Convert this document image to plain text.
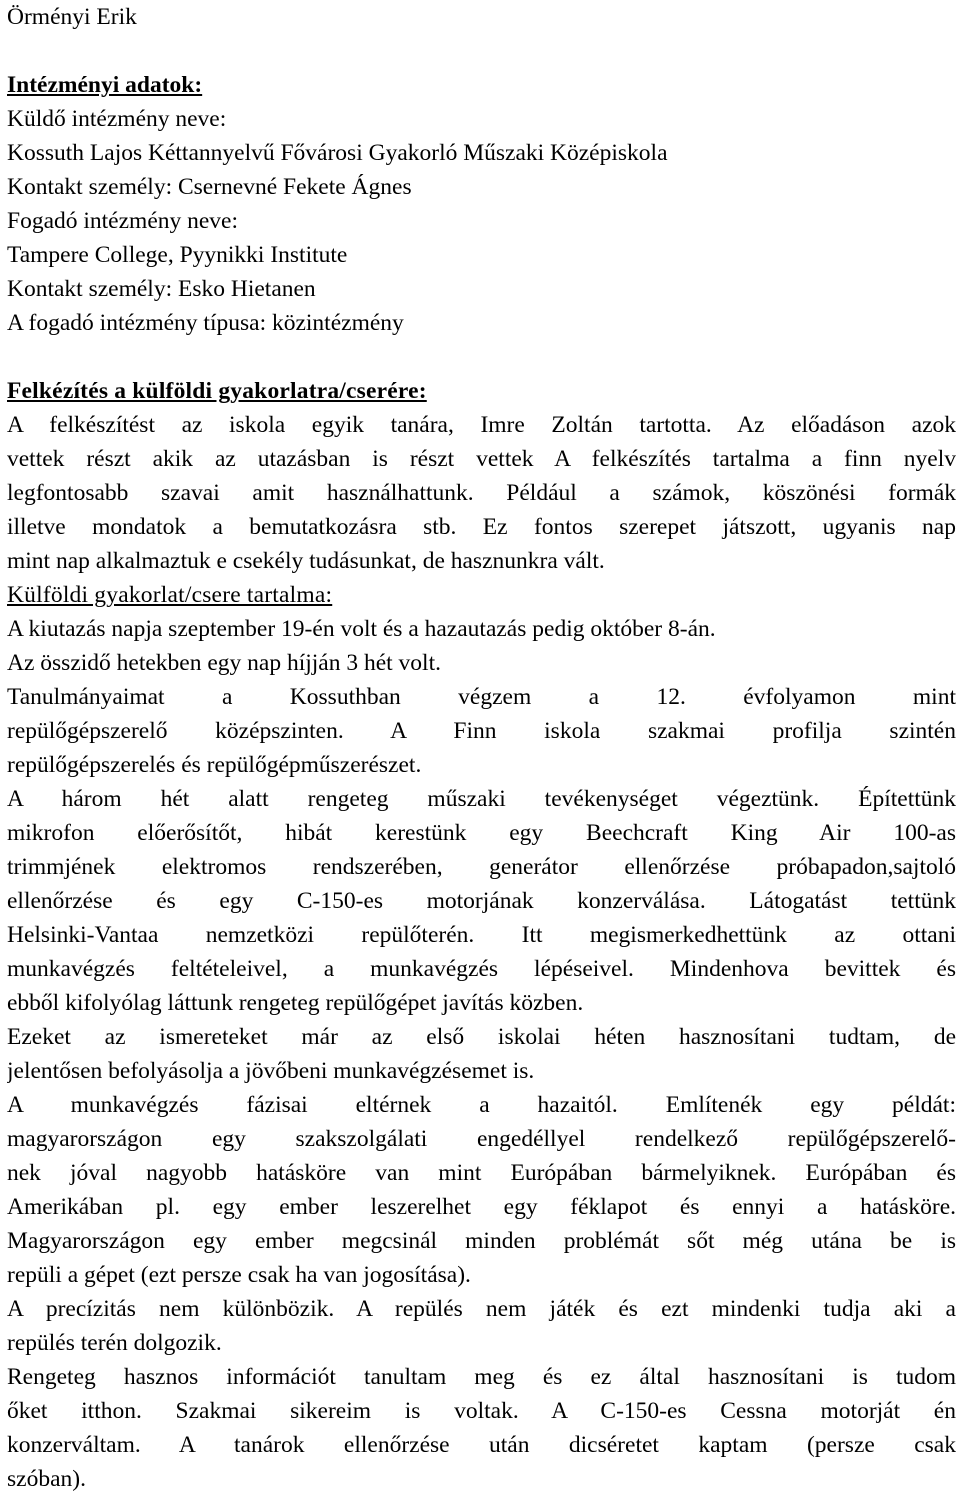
Örményi Erik
Intézményi adatok:
Küldő intézmény neve:
Kossuth Lajos Kéttannyelvű Fővárosi Gyakorló Műszaki Középiskola
Kontakt személy: Csernevné Fekete Ágnes
Fogadó intézmény neve:
Tampere College, Pyynikki Institute
Kontakt személy: Esko Hietanen
A fogadó intézmény típusa: közintézmény
Felkézítés a külföldi gyakorlatra/cserére:
A felkészítést az iskola egyik tanára, Imre Zoltán tartotta. Az előadáson azok
vettek részt akik az utazásban is részt vettek A felkészítés tartalma a finn nyelv
legfontosabb szavai amit használhattunk. Például a számok, köszönési formák
illetve mondatok a bemutatkozásra stb. Ez fontos szerepet játszott, ugyanis nap
mint nap alkalmaztuk e csekély tudásunkat, de hasznunkra vált.
Külföldi gyakorlat/csere tartalma:
A kiutazás napja szeptember 19-én volt és a hazautazás pedig október 8-án.
Az összidő hetekben egy nap híjján 3 hét volt.
Tanulmányaimat a Kossuthban végzem a 12. évfolyamon mint
repülőgépszerelő középszinten. A Finn iskola szakmai profilja szintén
repülőgépszerelés és repülőgépműszerészet.
A három hét alatt rengeteg műszaki tevékenységet végeztünk. Építettünk
mikrofon előerősítőt, hibát kerestünk egy Beechcraft King Air 100-as
trimmjének elektromos rendszerében, generátor ellenőrzése próbapadon,sajtoló
ellenőrzése és egy C-150-es motorjának konzerválása. Látogatást tettünk
Helsinki-Vantaa nemzetközi repülőterén. Itt megismerkedhettünk az ottani
munkavégzés feltételeivel, a munkavégzés lépéseivel. Mindenhova bevittek és
ebből kifolyólag láttunk rengeteg repülőgépet javítás közben.
Ezeket az ismereteket már az első iskolai héten hasznosítani tudtam, de
jelentősen befolyásolja a jövőbeni munkavégzésemet is.
A munkavégzés fázisai eltérnek a hazaitól. Említenék egy példát:
magyarországon egy szakszolgálati engedéllyel rendelkező repülőgépszerelő-
nek jóval nagyobb hatásköre van mint Európában bármelyiknek. Európában és
Amerikában pl. egy ember leszerelhet egy féklapot és ennyi a hatásköre.
Magyarországon egy ember megcsinál minden problémát sőt még utána be is
repüli a gépet (ezt persze csak ha van jogosítása).
A precízitás nem különbözik. A repülés nem játék és ezt mindenki tudja aki a
repülés terén dolgozik.
Rengeteg hasznos információt tanultam meg és ez által hasznosítani is tudom
őket itthon. Szakmai sikereim is voltak. A C-150-es Cessna motorját én
konzerváltam. A tanárok ellenőrzése után dicséretet kaptam (persze csak
szóban).
